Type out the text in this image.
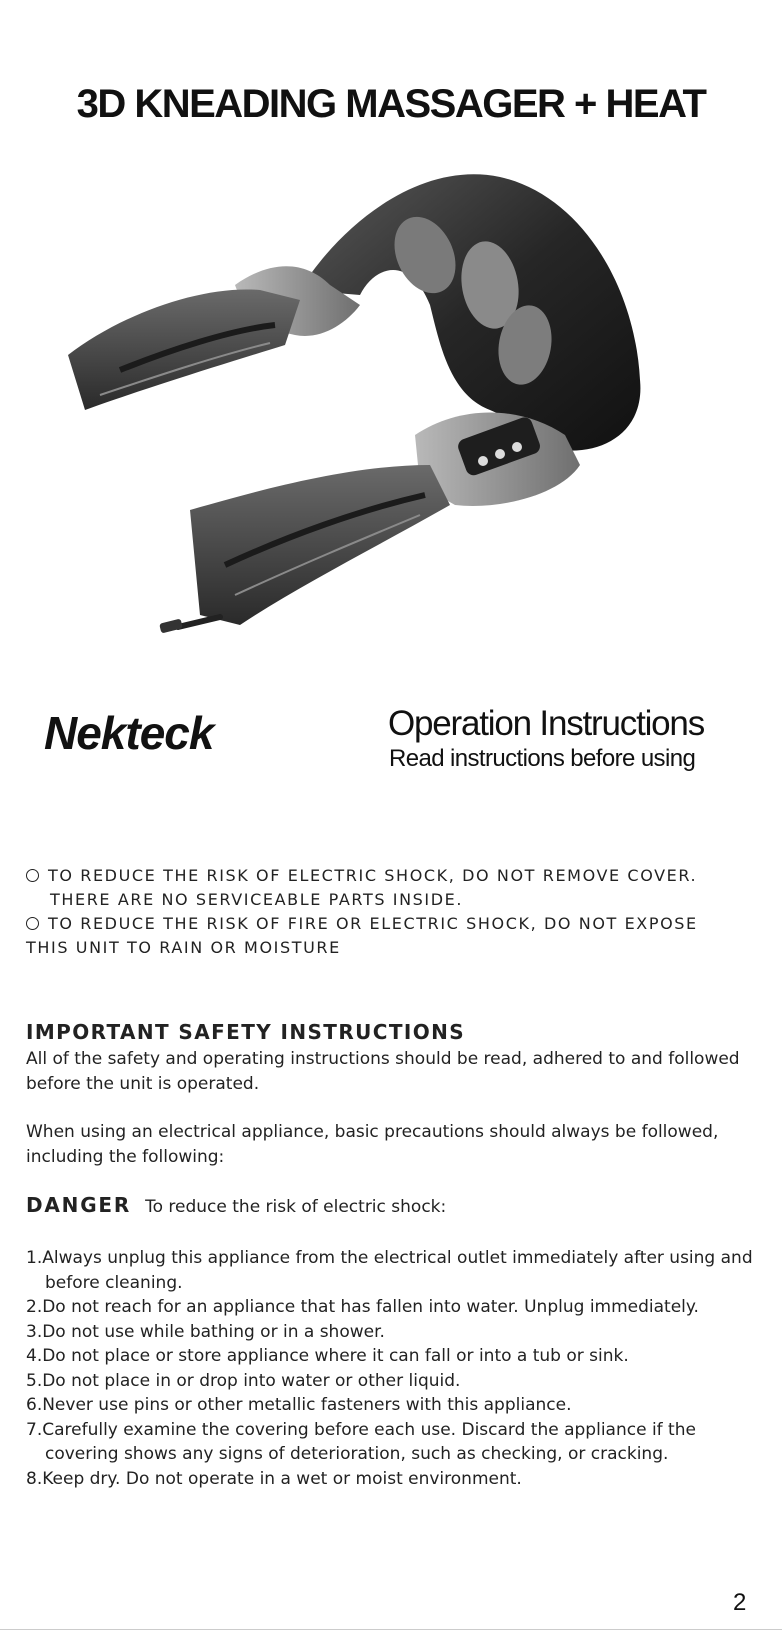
3D KNEADING MASSAGER + HEAT
Nekteck	Operation Instructions
Read instructions before using
TO REDUCE THE RISK OF ELECTRIC SHOCK, DO NOT REMOVE COVER.
THERE ARE NO SERVICEABLE PARTS INSIDE.
TO REDUCE THE RISK OF FIRE OR ELECTRIC SHOCK, DO NOT EXPOSE
THIS UNIT TO RAIN OR MOISTURE
IMPORTANT SAFETY INSTRUCTIONS
All of the safety and operating instructions should be read, adhered to and followed before the unit is operated.
When using an electrical appliance, basic precautions should always be followed, including the following:
DANGER To reduce the risk of electric shock:
1.Always unplug this appliance from the electrical outlet immediately after using and before cleaning.
2.Do not reach for an appliance that has fallen into water. Unplug immediately.
3.Do not use while bathing or in a shower.
4.Do not place or store appliance where it can fall or into a tub or sink.
5.Do not place in or drop into water or other liquid.
6.Never use pins or other metallic fasteners with this appliance.
7.Carefully examine the covering before each use. Discard the appliance if the covering shows any signs of deterioration, such as checking, or cracking.
8.Keep dry. Do not operate in a wet or moist environment.
2
